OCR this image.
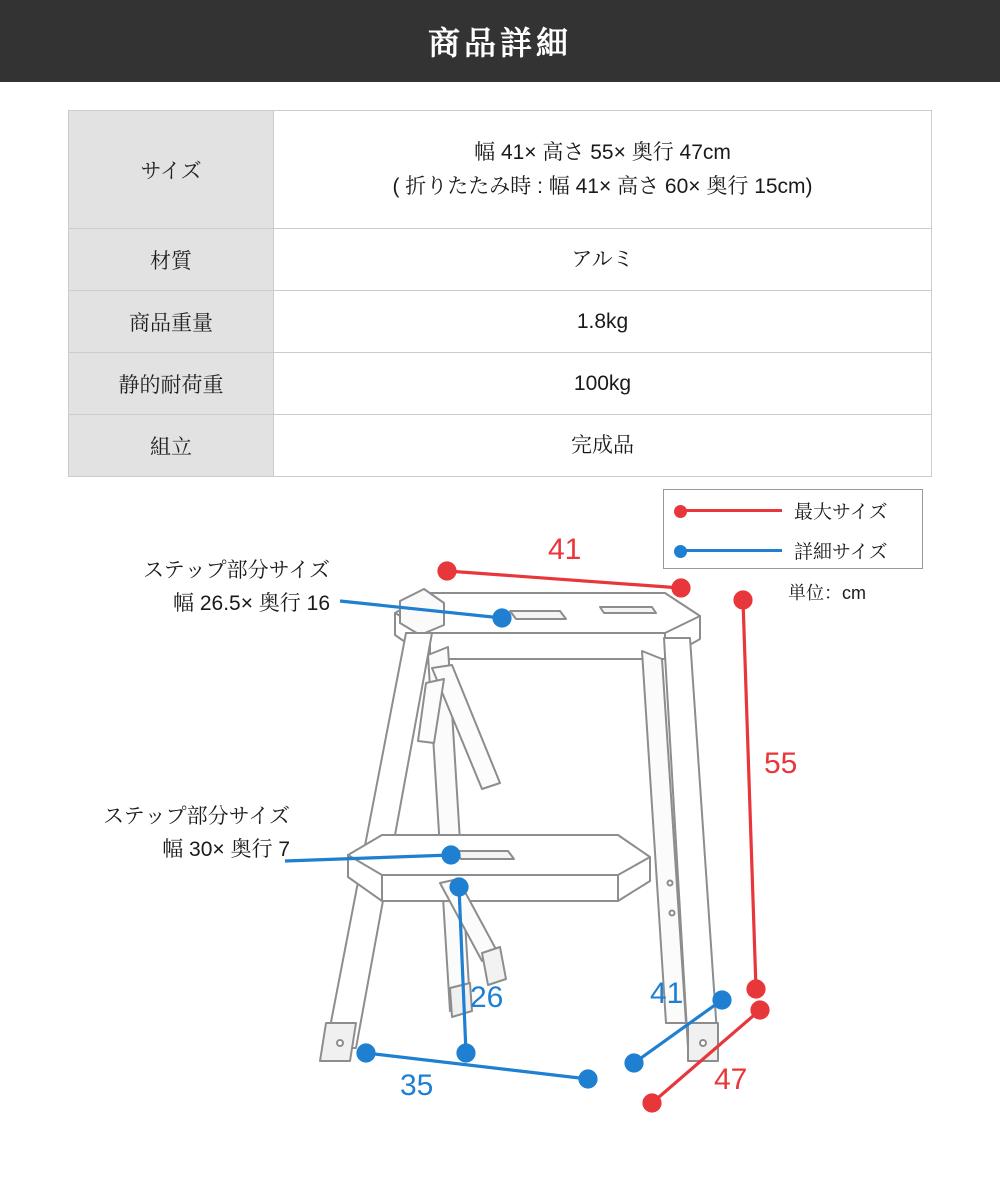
商品詳細
サイズ	幅 41× 高さ 55× 奥行 47cm
( 折りたたみ時 : 幅 41× 高さ 60× 奥行 15cm)

材質	アルミ
商品重量	1.8kg
静的耐荷重	100kg
組立	完成品
最大サイズ
詳細サイズ
単位：cm
ステップ部分サイズ
幅 26.5× 奥行 16
ステップ部分サイズ
幅 30× 奥行 7
41
55
47
41
26
35
